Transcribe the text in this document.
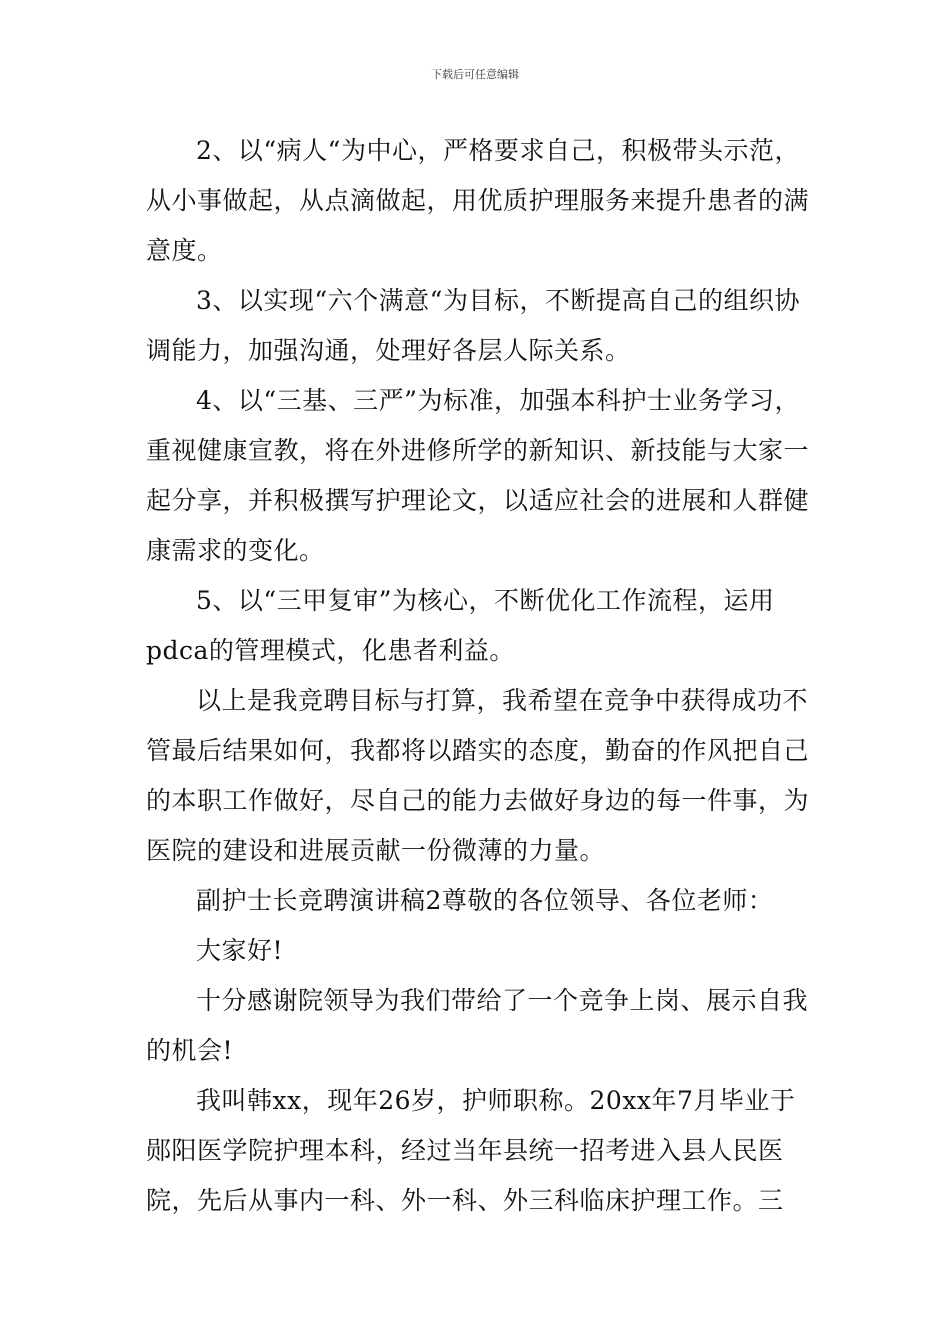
下载后可任意编辑

2、以“病人“为中心，严格要求自己，积极带头示范，从小事做起，从点滴做起，用优质护理服务来提升患者的满意度。

3、以实现“六个满意“为目标，不断提高自己的组织协调能力，加强沟通，处理好各层人际关系。

4、以“三基、三严”为标准，加强本科护士业务学习，重视健康宣教，将在外进修所学的新知识、新技能与大家一起分享，并积极撰写护理论文，以适应社会的进展和人群健康需求的变化。

5、以“三甲复审”为核心，不断优化工作流程，运用pdca的管理模式，化患者利益。

以上是我竞聘目标与打算，我希望在竞争中获得成功不管最后结果如何，我都将以踏实的态度，勤奋的作风把自己的本职工作做好，尽自己的能力去做好身边的每一件事，为医院的建设和进展贡献一份微薄的力量。

副护士长竞聘演讲稿2尊敬的各位领导、各位老师：

大家好!

十分感谢院领导为我们带给了一个竞争上岗、展示自我的机会!

我叫韩xx，现年26岁，护师职称。20xx年7月毕业于郧阳医学院护理本科，经过当年县统一招考进入县人民医院，先后从事内一科、外一科、外三科临床护理工作。三
